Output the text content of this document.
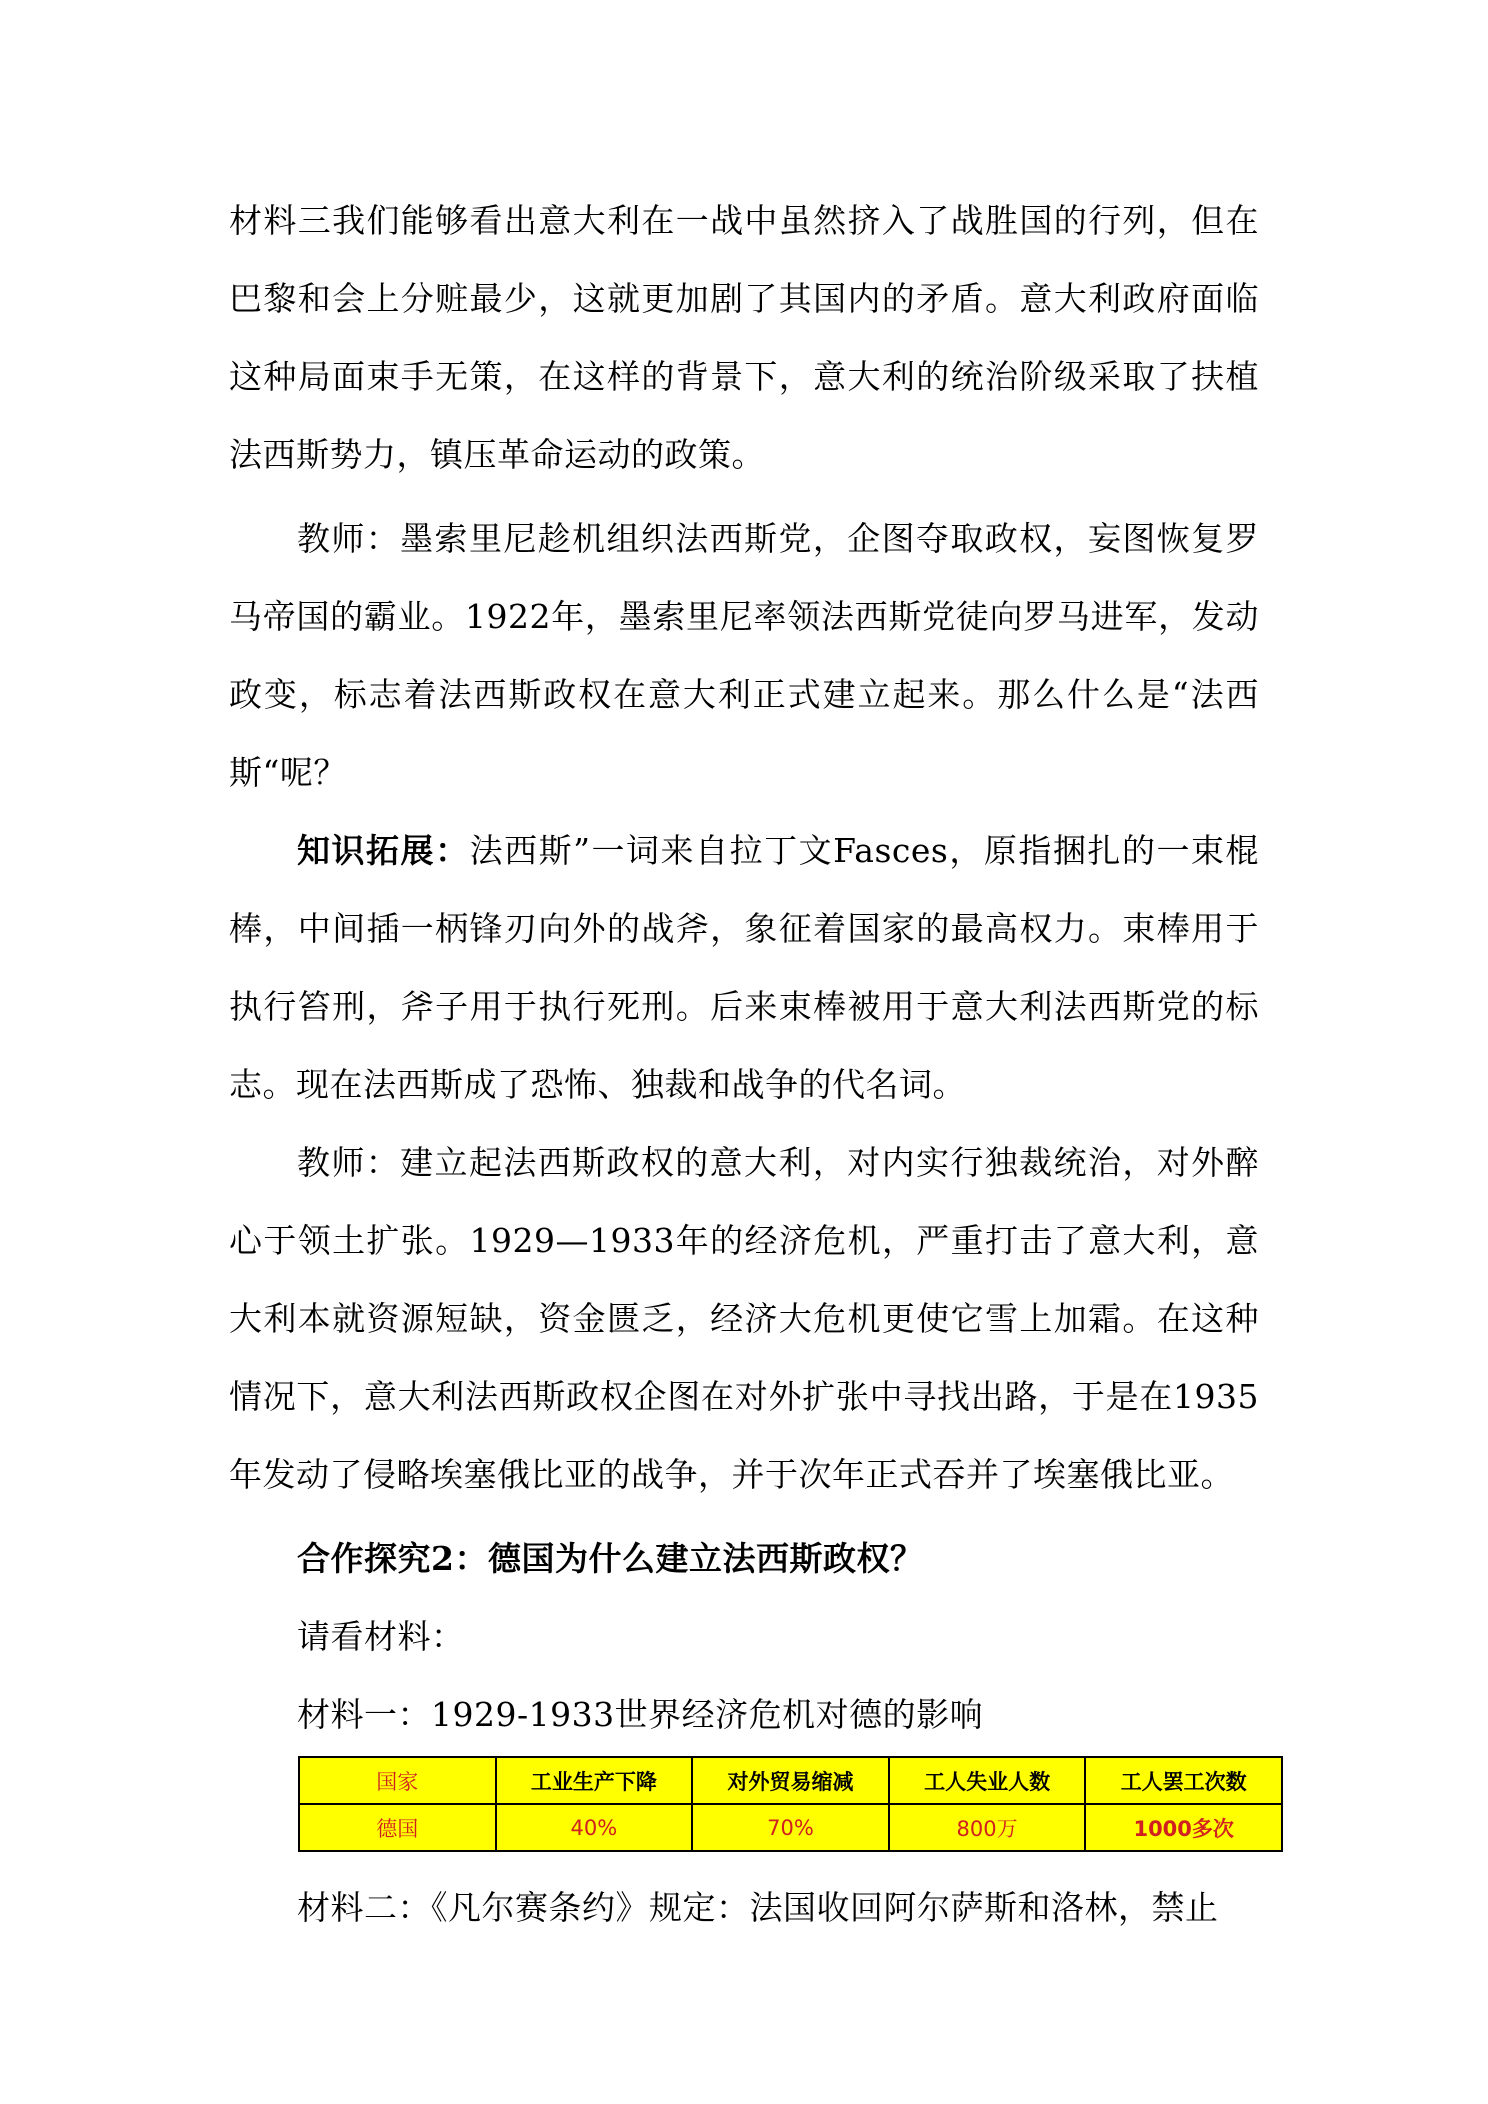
材料三我们能够看出意大利在一战中虽然挤入了战胜国的行列，但在巴黎和会上分赃最少，这就更加剧了其国内的矛盾。意大利政府面临这种局面束手无策，在这样的背景下，意大利的统治阶级采取了扶植法西斯势力，镇压革命运动的政策。

教师：墨索里尼趁机组织法西斯党，企图夺取政权，妄图恢复罗马帝国的霸业。1922年，墨索里尼率领法西斯党徒向罗马进军，发动政变，标志着法西斯政权在意大利正式建立起来。那么什么是“法西斯“呢？

知识拓展：法西斯”一词来自拉丁文Fasces，原指捆扎的一束棍棒，中间插一柄锋刃向外的战斧，象征着国家的最高权力。束棒用于执行笞刑，斧子用于执行死刑。后来束棒被用于意大利法西斯党的标志。现在法西斯成了恐怖、独裁和战争的代名词。

教师：建立起法西斯政权的意大利，对内实行独裁统治，对外醉心于领土扩张。1929—1933年的经济危机，严重打击了意大利，意大利本就资源短缺，资金匮乏，经济大危机更使它雪上加霜。在这种情况下，意大利法西斯政权企图在对外扩张中寻找出路，于是在1935年发动了侵略埃塞俄比亚的战争，并于次年正式吞并了埃塞俄比亚。

合作探究2：德国为什么建立法西斯政权？

请看材料：

材料一：1929-1933世界经济危机对德的影响

国家	工业生产下降	对外贸易缩减	工人失业人数	工人罢工次数
德国	40%	70%	800万	1000多次

材料二：《凡尔赛条约》规定：法国收回阿尔萨斯和洛林，禁止
